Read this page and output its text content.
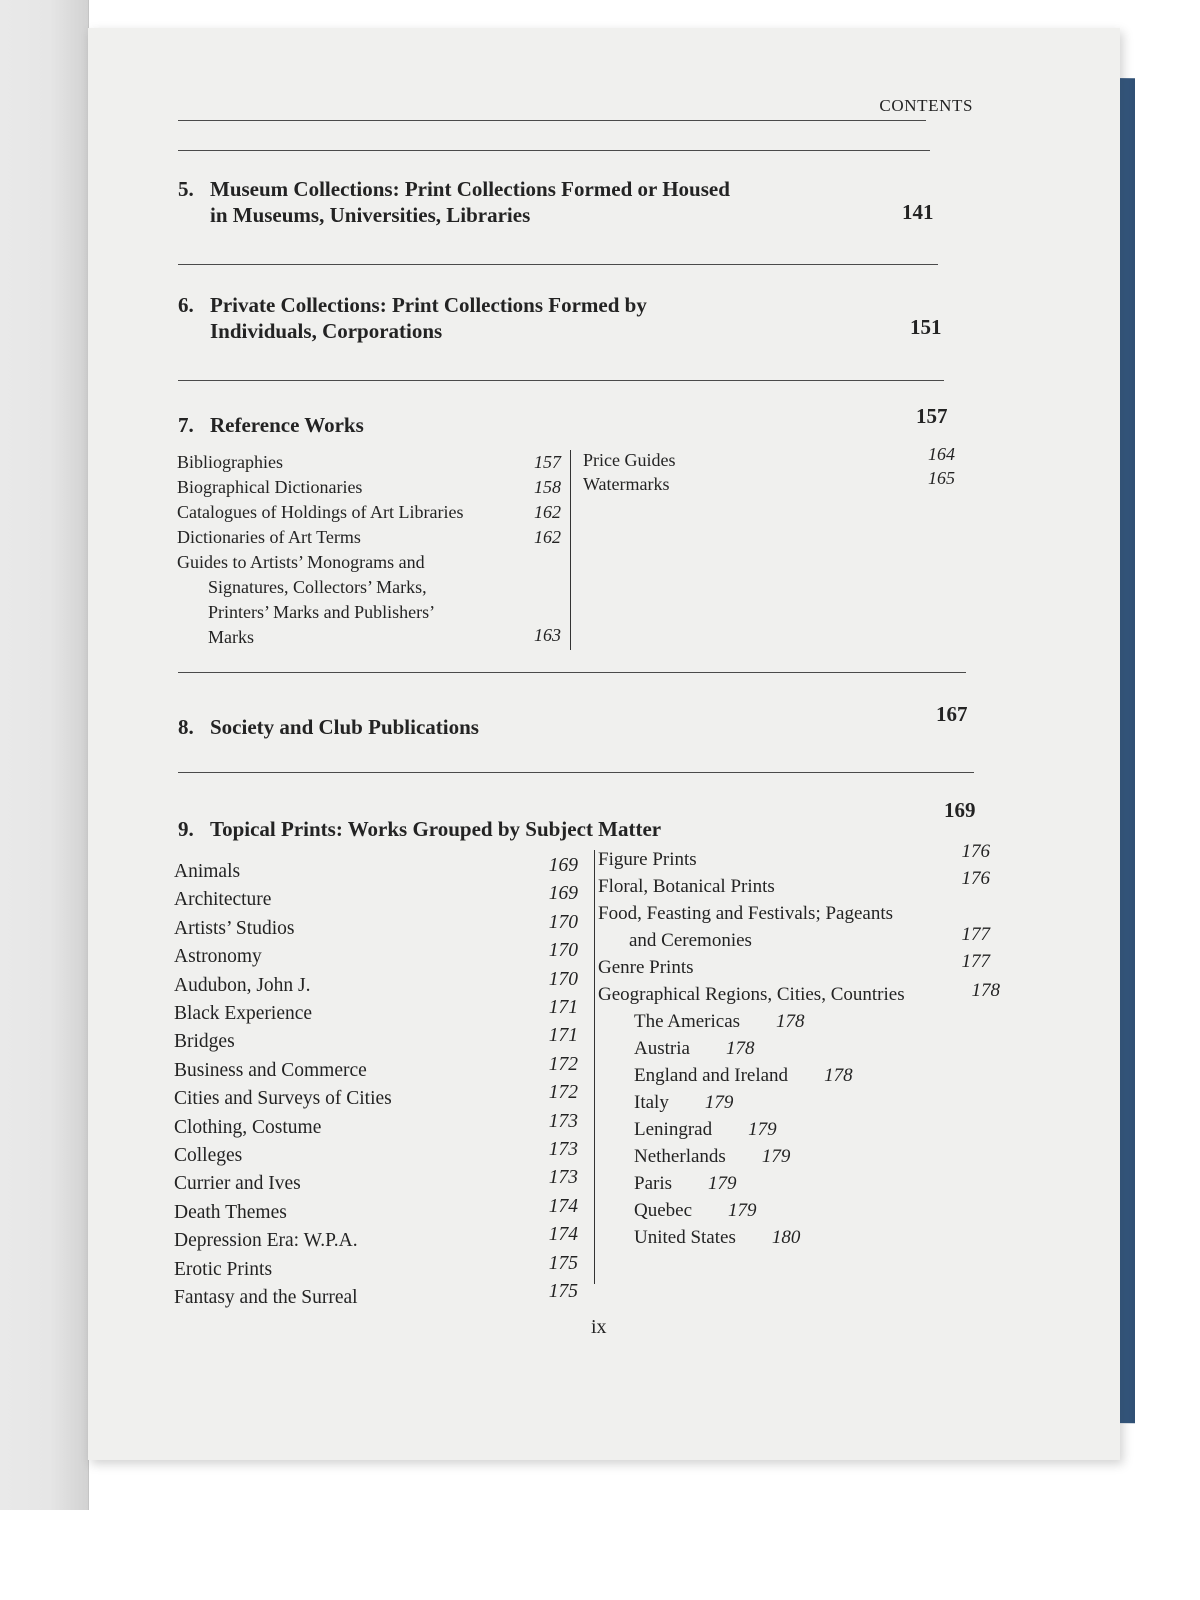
CONTENTS
5. Museum Collections: Print Collections Formed or Housed
in Museums, Universities, Libraries	141
6. Private Collections: Print Collections Formed by
Individuals, Corporations	151
7. Reference Works	157
Bibliographies	157
Biographical Dictionaries	158
Catalogues of Holdings of Art Libraries	162
Dictionaries of Art Terms	162
Guides to Artists’ Monograms and
Signatures, Collectors’ Marks,
Printers’ Marks and Publishers’
Marks	163
Price Guides	164
Watermarks	165
8. Society and Club Publications
167
9. Topical Prints: Works Grouped by Subject Matter
169
Animals	169
Architecture	169
Artists’ Studios	170
Astronomy	170
Audubon, John J.	170
Black Experience	171
Bridges	171
Business and Commerce	172
Cities and Surveys of Cities	172
Clothing, Costume	173
Colleges	173
Currier and Ives	173
Death Themes	174
Depression Era: W.P.A.	174
Erotic Prints	175
Fantasy and the Surreal	175
Figure Prints	176
Floral, Botanical Prints	176
Food, Feasting and Festivals; Pageants
and Ceremonies	177
Genre Prints	177
Geographical Regions, Cities, Countries	178
The Americas 178
Austria 178
England and Ireland 178
Italy 179
Leningrad 179
Netherlands 179
Paris 179
Quebec 179
United States 180
ix
